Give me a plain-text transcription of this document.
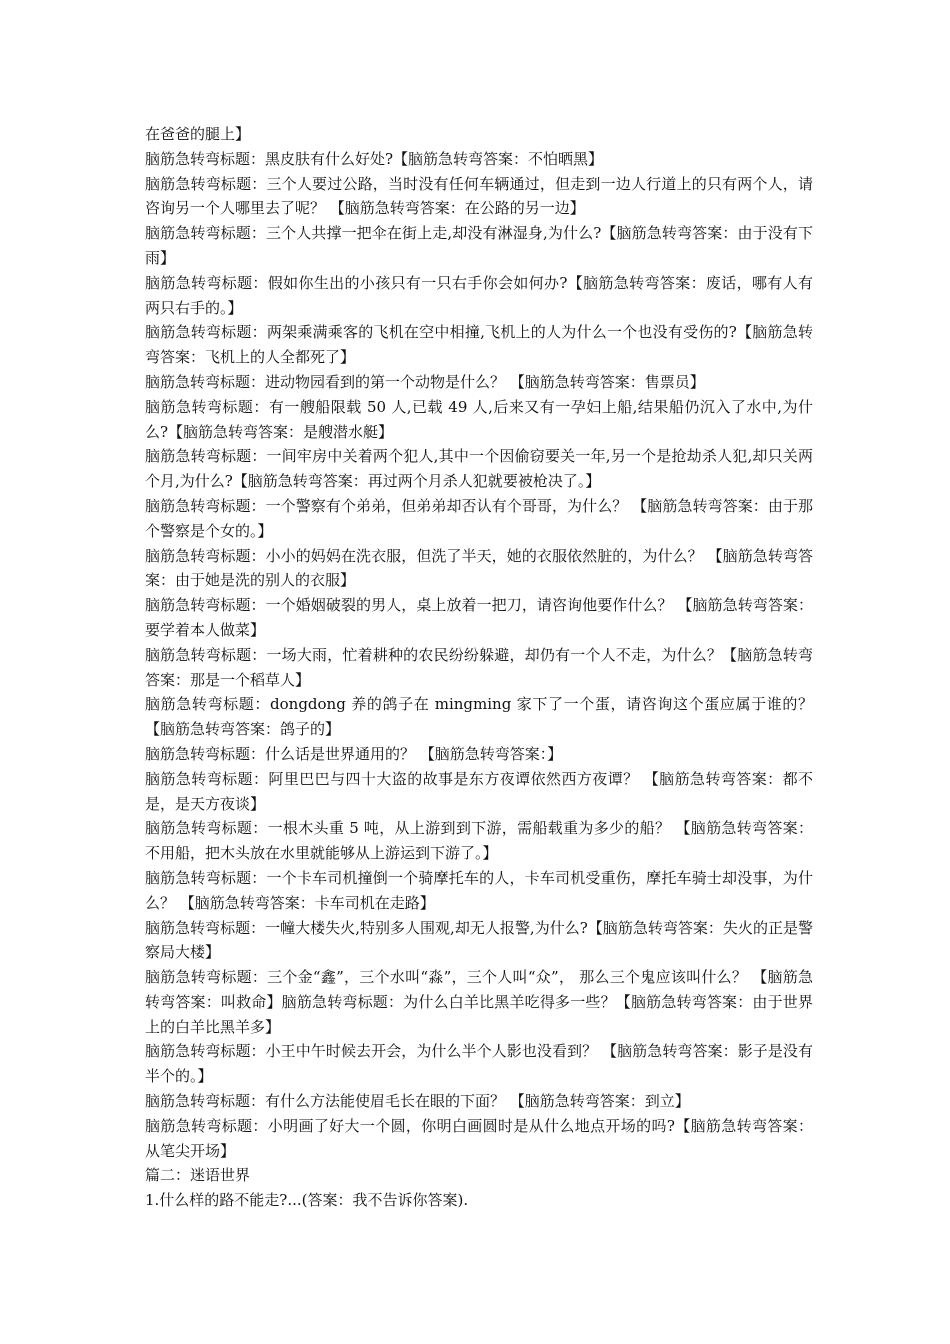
在爸爸的腿上】

脑筋急转弯标题：黑皮肤有什么好处?【脑筋急转弯答案：不怕晒黑】

脑筋急转弯标题：三个人要过公路，当时没有任何车辆通过，但走到一边人行道上的只有两个人，请咨询另一个人哪里去了呢？ 【脑筋急转弯答案：在公路的另一边】

脑筋急转弯标题：三个人共撑一把伞在街上走,却没有淋湿身,为什么?【脑筋急转弯答案：由于没有下雨】

脑筋急转弯标题：假如你生出的小孩只有一只右手你会如何办?【脑筋急转弯答案：废话，哪有人有两只右手的。】

脑筋急转弯标题：两架乘满乘客的飞机在空中相撞,飞机上的人为什么一个也没有受伤的?【脑筋急转弯答案：飞机上的人全都死了】

脑筋急转弯标题：进动物园看到的第一个动物是什么？ 【脑筋急转弯答案：售票员】

脑筋急转弯标题：有一艘船限载 50 人,已载 49 人,后来又有一孕妇上船,结果船仍沉入了水中,为什么?【脑筋急转弯答案：是艘潜水艇】

脑筋急转弯标题：一间牢房中关着两个犯人,其中一个因偷窃要关一年,另一个是抢劫杀人犯,却只关两个月,为什么?【脑筋急转弯答案：再过两个月杀人犯就要被枪决了。】

脑筋急转弯标题：一个警察有个弟弟，但弟弟却否认有个哥哥，为什么？ 【脑筋急转弯答案：由于那个警察是个女的。】

脑筋急转弯标题：小小的妈妈在洗衣服，但洗了半天，她的衣服依然脏的，为什么？ 【脑筋急转弯答案：由于她是洗的别人的衣服】

脑筋急转弯标题：一个婚姻破裂的男人，桌上放着一把刀，请咨询他要作什么？ 【脑筋急转弯答案：要学着本人做菜】

脑筋急转弯标题：一场大雨，忙着耕种的农民纷纷躲避，却仍有一个人不走，为什么？【脑筋急转弯答案：那是一个稻草人】

脑筋急转弯标题：dongdong 养的鸽子在 mingming 家下了一个蛋，请咨询这个蛋应属于谁的？ 【脑筋急转弯答案：鸽子的】

脑筋急转弯标题：什么话是世界通用的？ 【脑筋急转弯答案：】

脑筋急转弯标题：阿里巴巴与四十大盗的故事是东方夜谭依然西方夜谭？ 【脑筋急转弯答案：都不是，是天方夜谈】

脑筋急转弯标题：一根木头重 5 吨，从上游到到下游，需船载重为多少的船？ 【脑筋急转弯答案：不用船，把木头放在水里就能够从上游运到下游了。】

脑筋急转弯标题：一个卡车司机撞倒一个骑摩托车的人，卡车司机受重伤，摩托车骑士却没事，为什么？ 【脑筋急转弯答案：卡车司机在走路】

脑筋急转弯标题：一幢大楼失火,特别多人围观,却无人报警,为什么?【脑筋急转弯答案：失火的正是警察局大楼】

脑筋急转弯标题：三个金“鑫”，三个水叫“淼”，三个人叫“众”， 那么三个鬼应该叫什么？ 【脑筋急转弯答案：叫救命】脑筋急转弯标题：为什么白羊比黑羊吃得多一些？【脑筋急转弯答案：由于世界上的白羊比黑羊多】

脑筋急转弯标题：小王中午时候去开会，为什么半个人影也没看到？ 【脑筋急转弯答案：影子是没有半个的。】

脑筋急转弯标题：有什么方法能使眉毛长在眼的下面？ 【脑筋急转弯答案：到立】

脑筋急转弯标题：小明画了好大一个圆，你明白画圆时是从什么地点开场的吗?【脑筋急转弯答案：从笔尖开场】

篇二：迷语世界

1.什么样的路不能走?...(答案：我不告诉你答案).
